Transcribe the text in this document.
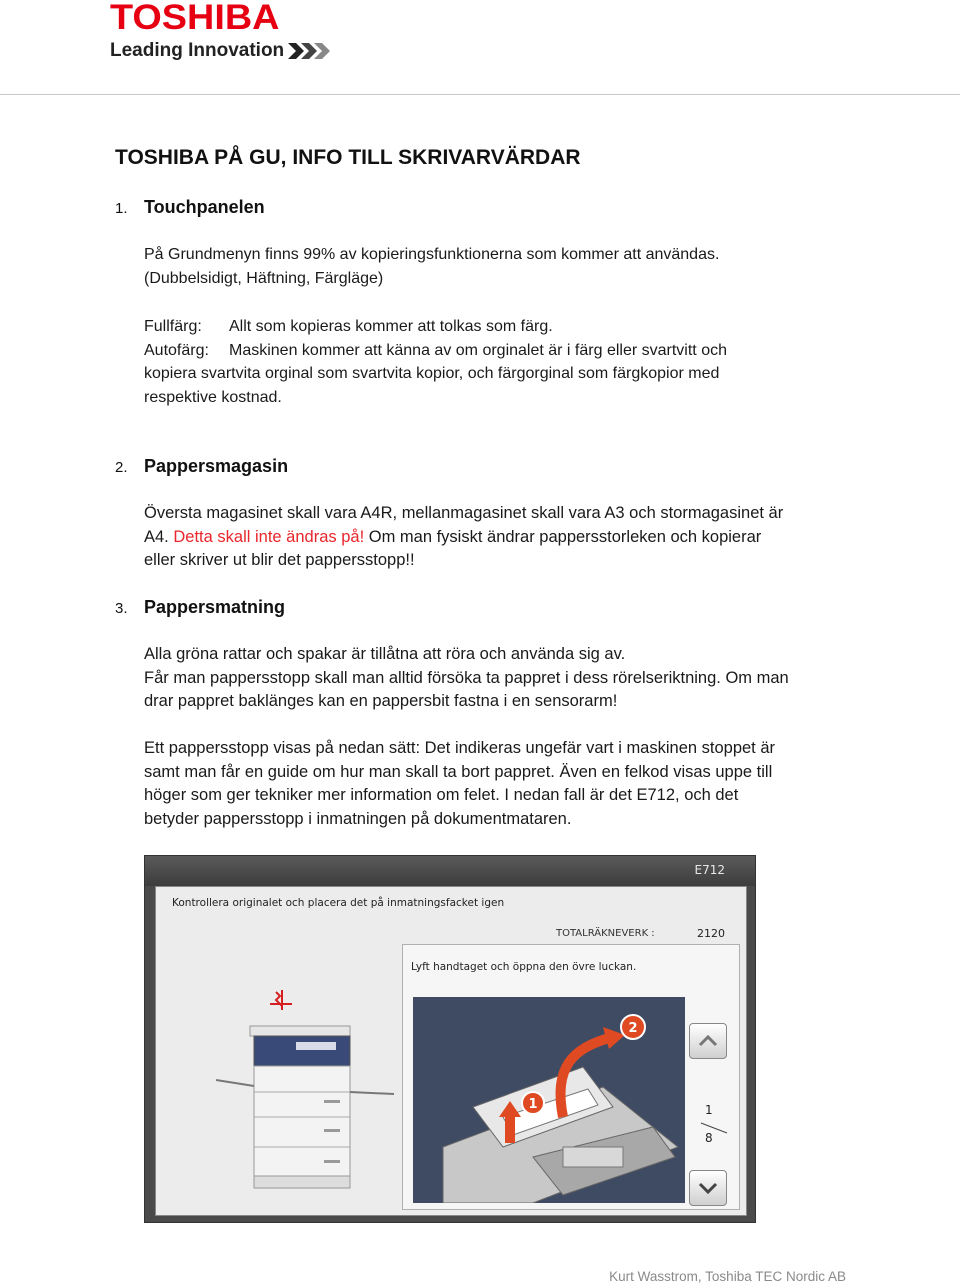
TOSHIBA
Leading Innovation
TOSHIBA PÅ GU, INFO TILL SKRIVARVÄRDAR
1. Touchpanelen
På Grundmenyn finns 99% av kopieringsfunktionerna som kommer att användas.
(Dubbelsidigt, Häftning, Färgläge)
Fullfärg: Allt som kopieras kommer att tolkas som färg.
Autofärg: Maskinen kommer att känna av om orginalet är i färg eller svartvitt och
kopiera svartvita orginal som svartvita kopior, och färgorginal som färgkopior med
respektive kostnad.
2. Pappersmagasin
Översta magasinet skall vara A4R, mellanmagasinet skall vara A3 och stormagasinet är
A4. Detta skall inte ändras på! Om man fysiskt ändrar pappersstorleken och kopierar
eller skriver ut blir det pappersstopp!!
3. Pappersmatning
Alla gröna rattar och spakar är tillåtna att röra och använda sig av.
Får man pappersstopp skall man alltid försöka ta pappret i dess rörelseriktning. Om man
drar pappret baklänges kan en pappersbit fastna i en sensorarm!
Ett pappersstopp visas på nedan sätt: Det indikeras ungefär vart i maskinen stoppet är
samt man får en guide om hur man skall ta bort pappret. Även en felkod visas uppe till
höger som ger tekniker mer information om felet. I nedan fall är det E712, och det
betyder pappersstopp i inmatningen på dokumentmataren.
E712
Kontrollera originalet och placera det på inmatningsfacket igen
TOTALRÄKNEVERK :	2120
Lyft handtaget och öppna den övre luckan.
1
2
1
8
Kurt Wasstrom, Toshiba TEC Nordic AB
